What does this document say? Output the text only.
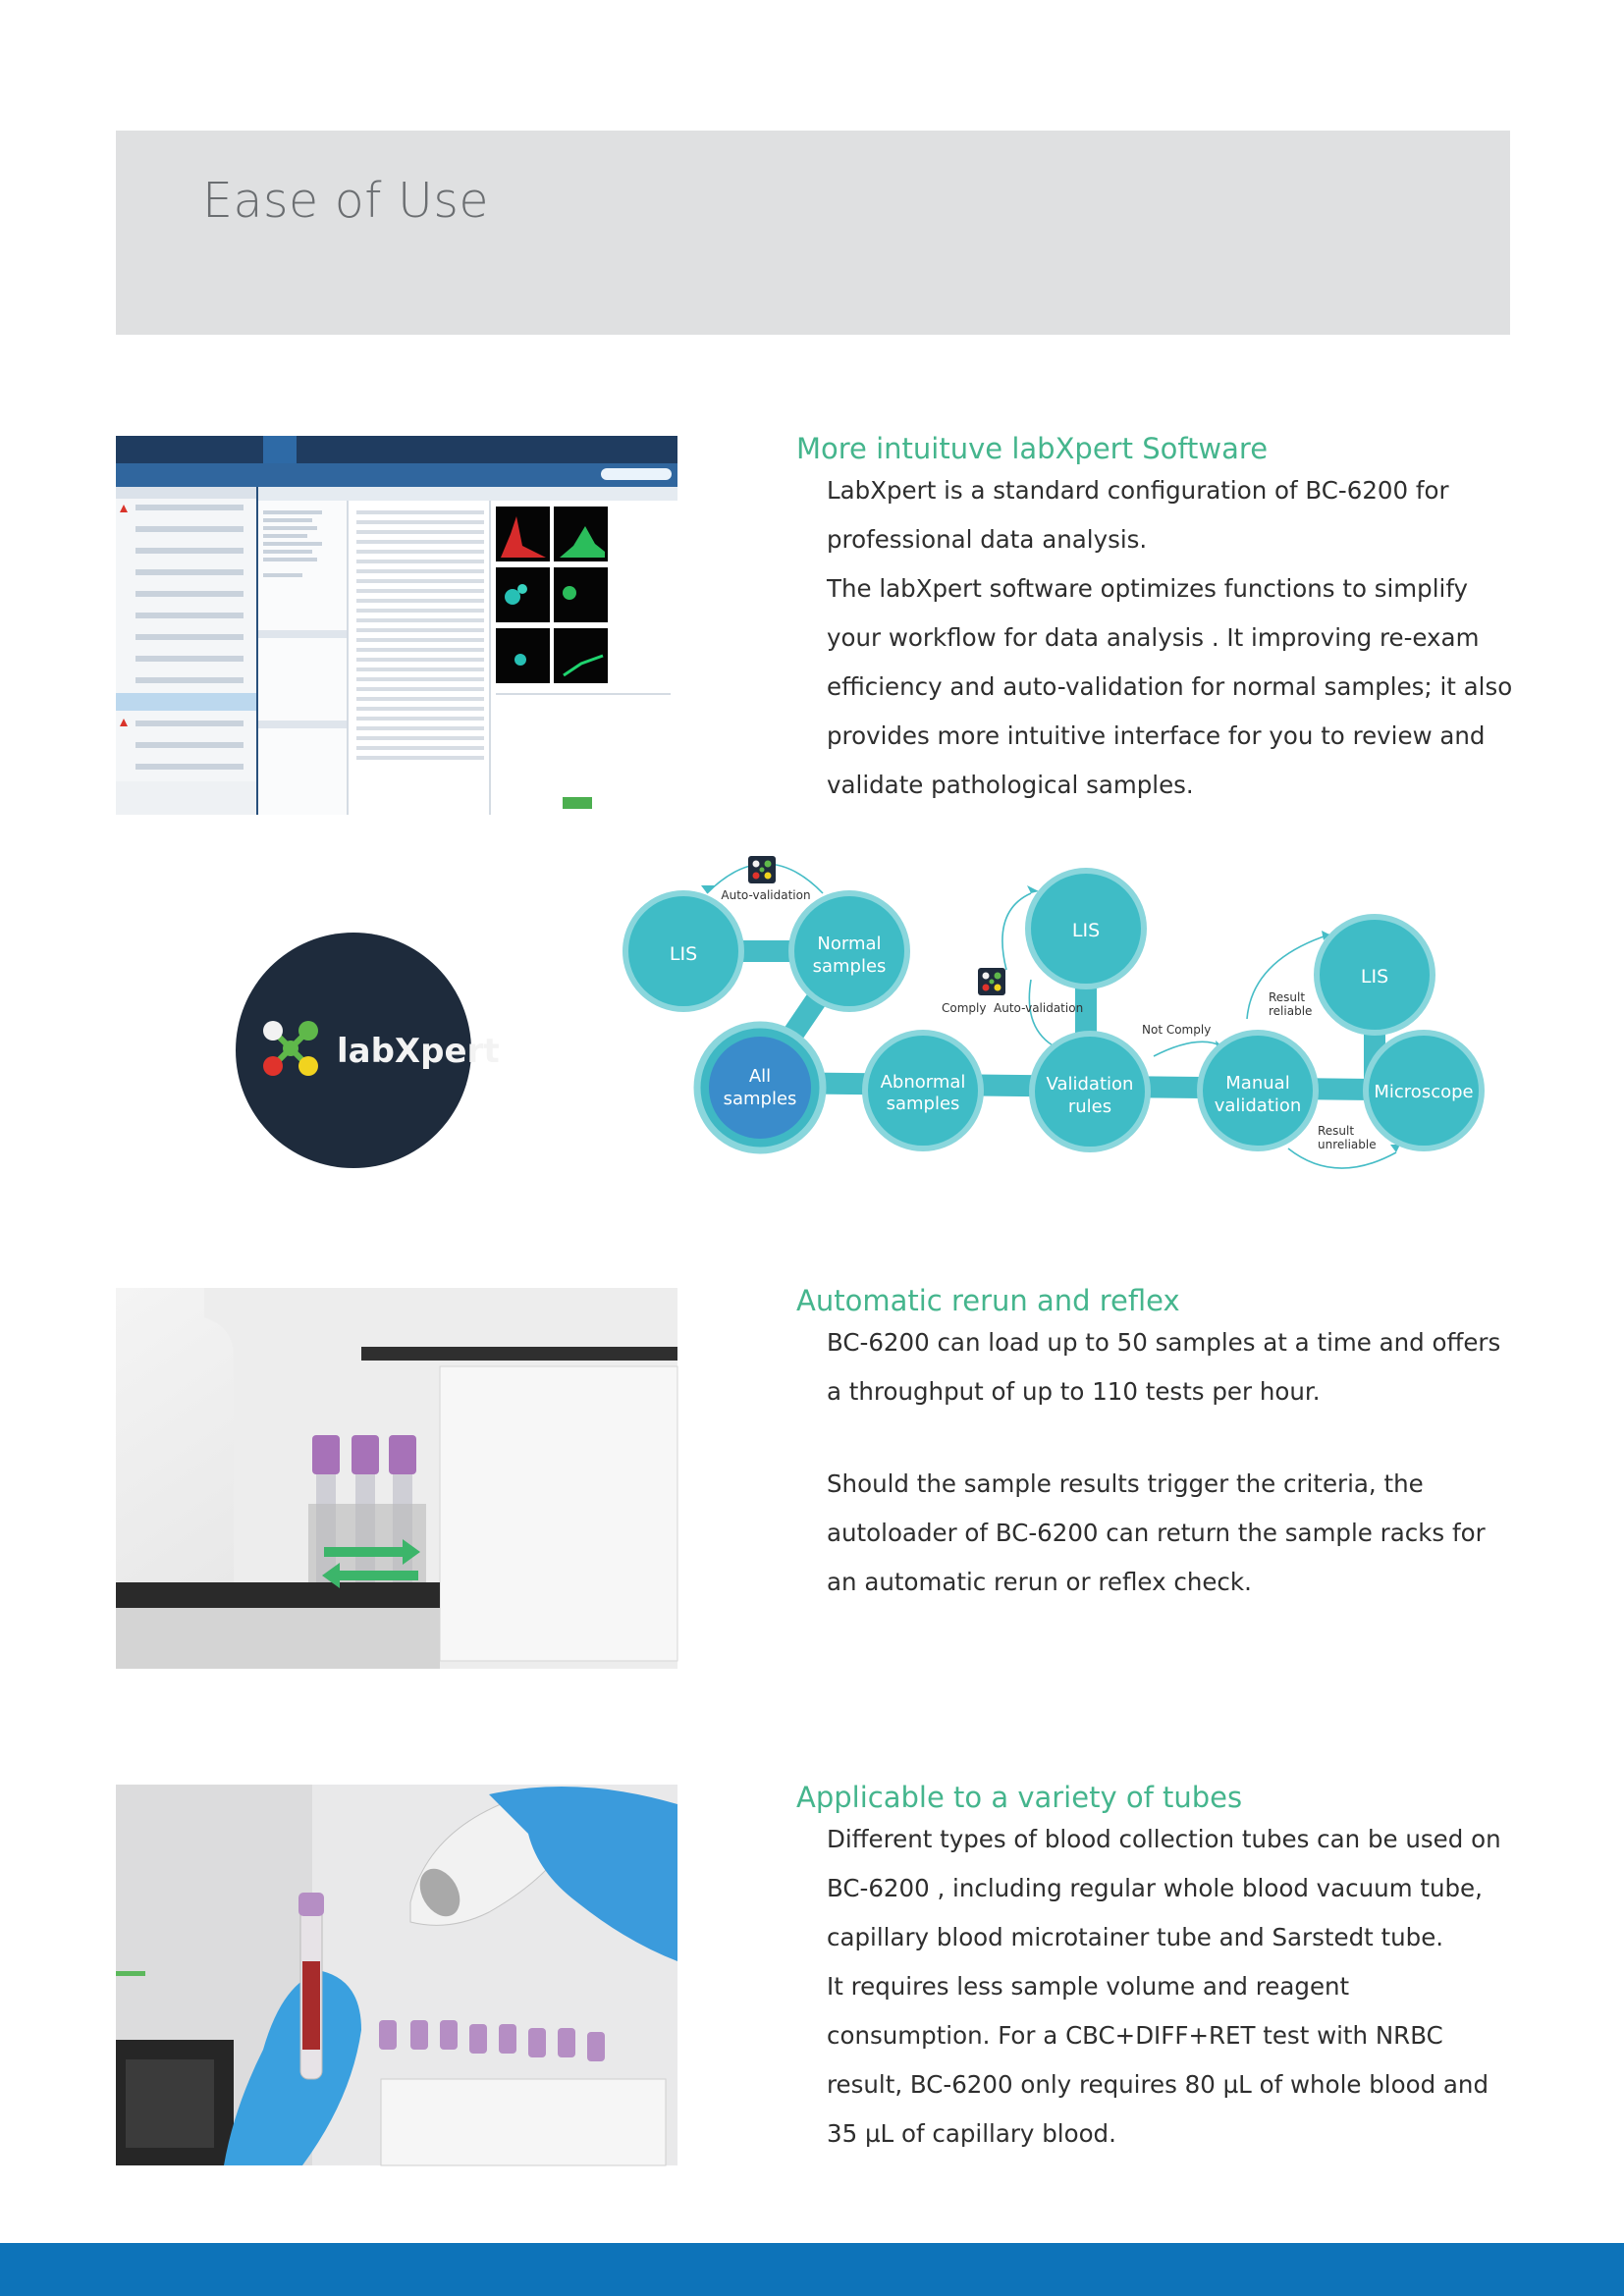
Ease of Use
More intuituve labXpert Software

LabXpert is a standard configuration of BC-6200 for professional data analysis.

The labXpert software optimizes functions to simplify your workflow for data analysis . It improving re-exam efficiency and auto-validation for normal samples; it also provides more intuitive interface for you to review and validate pathological samples.

labXpert
LIS	Normal
samples
All
samples
Abnormal
samples
Validation
rules
LIS
Manual
validation
LIS
Microscope
Auto-validation
Comply Auto-validation
Not Comply
Result
reliable
Result
unreliable
Automatic rerun and reflex

BC-6200 can load up to 50 samples at a time and offers a throughput of up to 110 tests per hour.

Should the sample results trigger the criteria, the autoloader of BC-6200 can return the sample racks for an automatic rerun or reflex check.

Applicable to a variety of tubes

Different types of blood collection tubes can be used on BC-6200 , including regular whole blood vacuum tube, capillary blood microtainer tube and Sarstedt tube.

It requires less sample volume and reagent consumption. For a CBC+DIFF+RET test with NRBC result, BC-6200 only requires 80 µL of whole blood and 35 µL of capillary blood.
